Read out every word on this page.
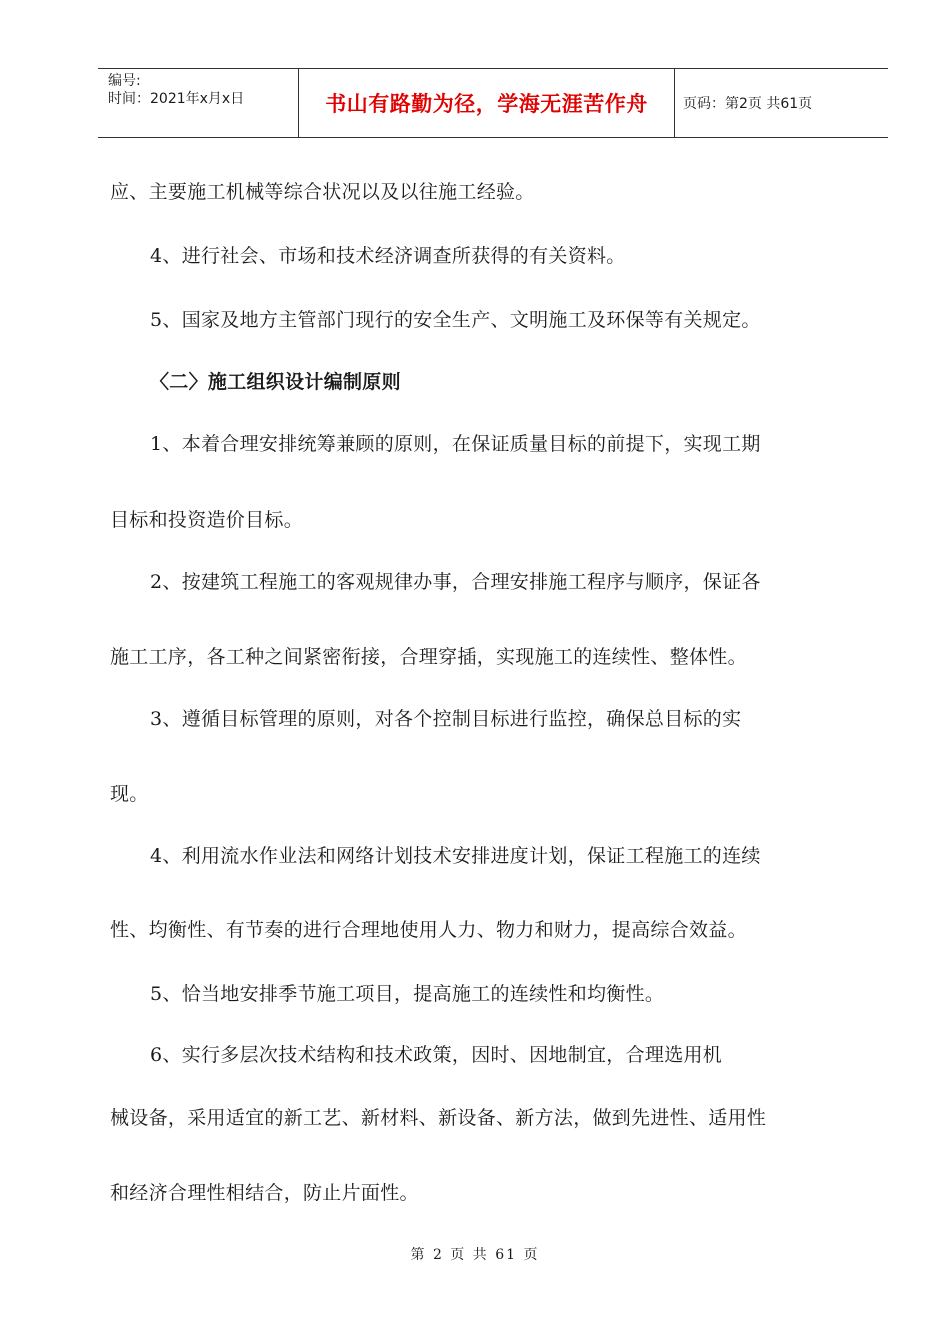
编号:
时间：2021年x月x日	书山有路勤为径，学海无涯苦作舟	页码：第2页 共61页
应、主要施工机械等综合状况以及以往施工经验。
4、进行社会、市场和技术经济调查所获得的有关资料。
5、国家及地方主管部门现行的安全生产、文明施工及环保等有关规定。
〈二〉施工组织设计编制原则
1、本着合理安排统筹兼顾的原则，在保证质量目标的前提下，实现工期
目标和投资造价目标。
2、按建筑工程施工的客观规律办事，合理安排施工程序与顺序，保证各
施工工序，各工种之间紧密衔接，合理穿插，实现施工的连续性、整体性。
3、遵循目标管理的原则，对各个控制目标进行监控，确保总目标的实
现。
4、利用流水作业法和网络计划技术安排进度计划，保证工程施工的连续
性、均衡性、有节奏的进行合理地使用人力、物力和财力，提高综合效益。
5、恰当地安排季节施工项目，提高施工的连续性和均衡性。
6、实行多层次技术结构和技术政策，因时、因地制宜，合理选用机
械设备，采用适宜的新工艺、新材料、新设备、新方法，做到先进性、适用性
和经济合理性相结合，防止片面性。
第 2 页 共 61 页
